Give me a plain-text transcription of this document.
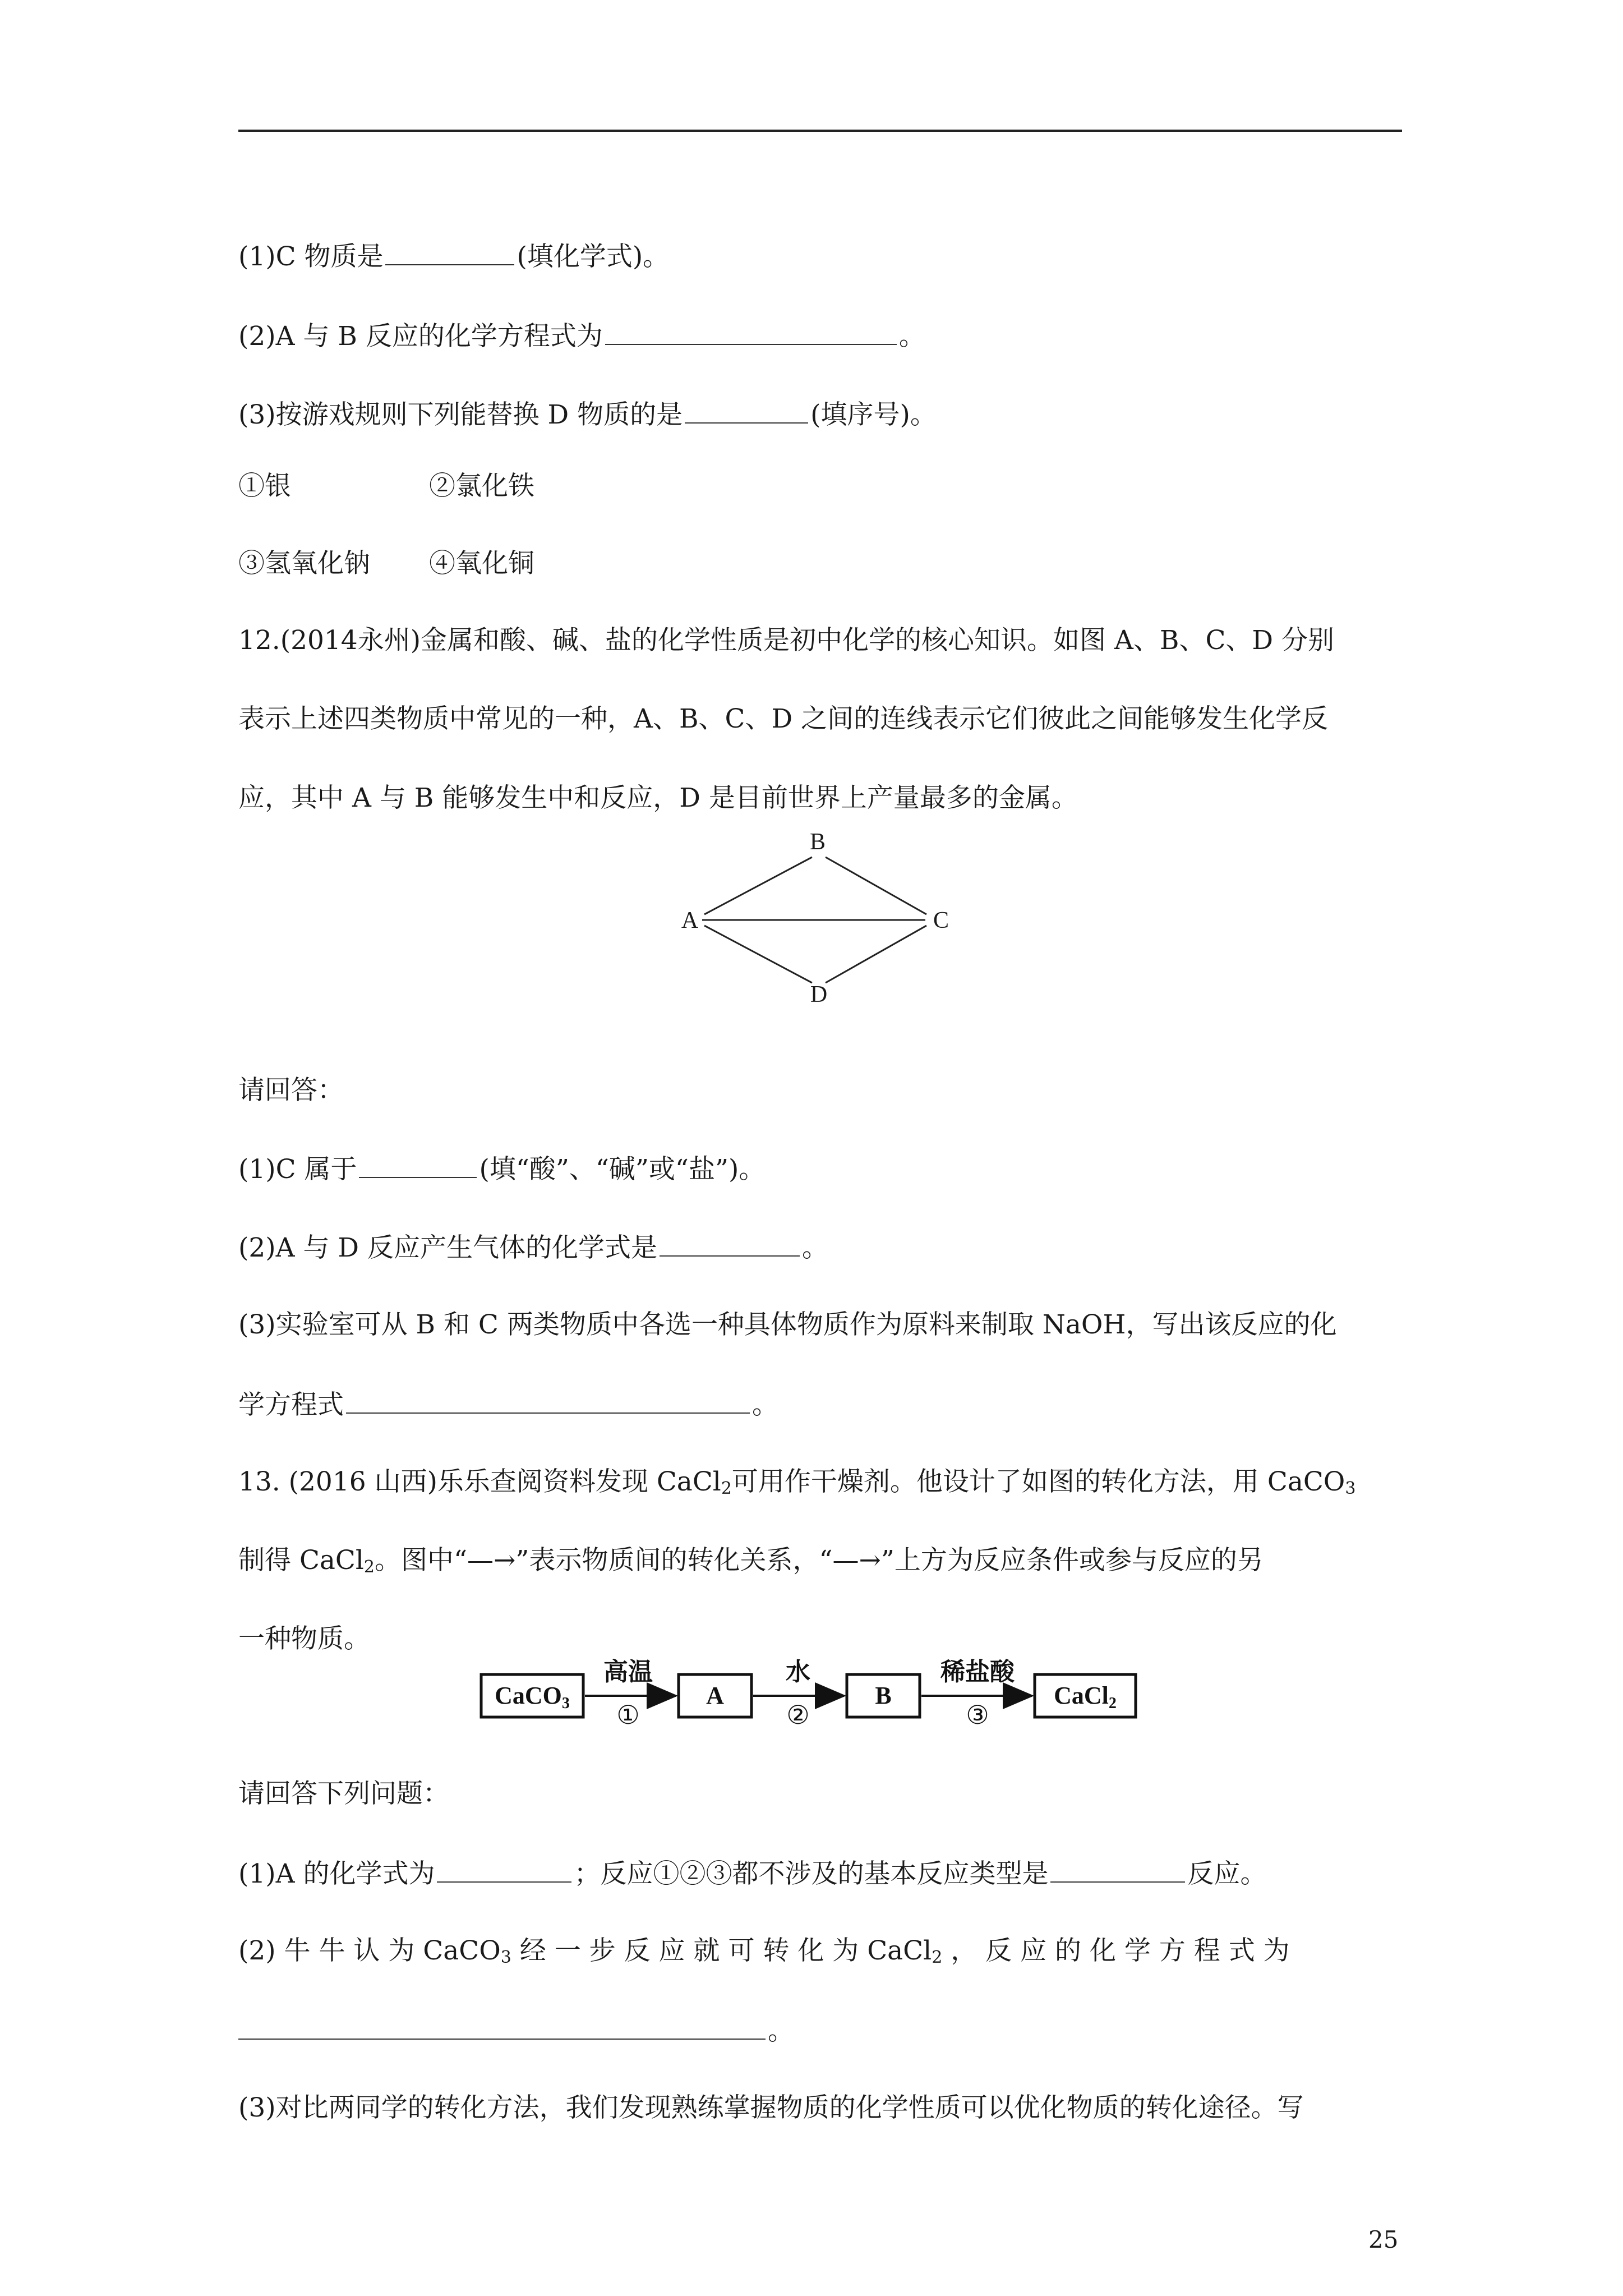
(1)C 物质是	(填化学式)。

(2)A 与 B 反应的化学方程式为	。

(3)按游戏规则下列能替换 D 物质的是	(填序号)。

①银	②氯化铁

③氢氧化钠 ④氧化铜

12.(2014永州)金属和酸、碱、盐的化学性质是初中化学的核心知识。如图 A、B、C、D 分别

表示上述四类物质中常见的一种，A、B、C、D 之间的连线表示它们彼此之间能够发生化学反

应，其中 A 与 B 能够发生中和反应，D 是目前世界上产量最多的金属。

B
A	C
D

请回答：

(1)C 属于	(填“酸”、“碱”或“盐”)。

(2)A 与 D 反应产生气体的化学式是	。

(3)实验室可从 B 和 C 两类物质中各选一种具体物质作为原料来制取 NaOH，写出该反应的化

学方程式	。

13. (2016 山西)乐乐查阅资料发现 CaCl$_2$可用作干燥剂。他设计了如图的转化方法，用 CaCO$_3$

制得 CaCl$_2$。图中“—→”表示物质间的转化关系，“—→”上方为反应条件或参与反应的另

一种物质。

CaCO3
高温
①
A
水
②
B
稀盐酸
③
CaCl2

请回答下列问题：

(1)A 的化学式为	；反应①②③都不涉及的基本反应类型是	反应。

(2) 牛 牛 认 为 CaCO$_3$ 经 一 步 反 应 就 可 转 化 为 CaCl$_2$ ， 反 应 的 化 学 方 程 式 为

。

(3)对比两同学的转化方法，我们发现熟练掌握物质的化学性质可以优化物质的转化途径。写

25
